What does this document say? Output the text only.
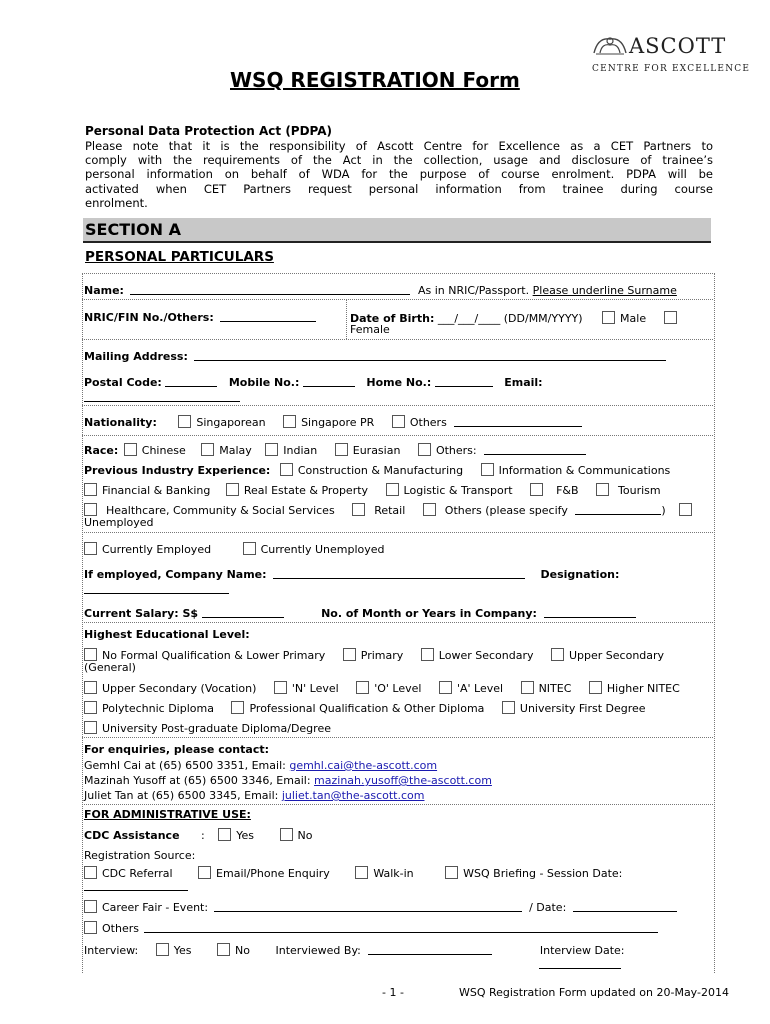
ASCOTT
CENTRE FOR EXCELLENCE
WSQ REGISTRATION Form
Personal Data Protection Act (PDPA)
Please note that it is the responsibility of Ascott Centre for Excellence as a CET Partners to
comply with the requirements of the Act in the collection, usage and disclosure of trainee’s
personal information on behalf of WDA for the purpose of course enrolment. PDPA will be
activated when CET Partners request personal information from trainee during course
enrolment.
SECTION A
PERSONAL PARTICULARS
Name:	As in NRIC/Passport. Please underline Surname
NRIC/FIN No./Others:	Date of Birth: ___/___/____ (DD/MM/YYYY)	Male
Female
Mailing Address:
Postal Code:	Mobile No.:	Home No.:	Email:
Nationality:	Singaporean	Singapore PR	Others
Race: Chinese	Malay	Indian	Eurasian	Others:
Previous Industry Experience:	Construction & Manufacturing	Information & Communications
Financial & Banking	Real Estate & Property	Logistic & Transport	F&B	Tourism
Healthcare, Community & Social Services	Retail	Others (please specify	)
Unemployed
Currently Employed	Currently Unemployed
If employed, Company Name:	Designation:
Current Salary: S$	No. of Month or Years in Company:
Highest Educational Level:
No Formal Qualification & Lower Primary	Primary	Lower Secondary	Upper Secondary
(General)
Upper Secondary (Vocation)	'N' Level	'O' Level	'A' Level	NITEC	Higher NITEC
Polytechnic Diploma	Professional Qualification & Other Diploma	University First Degree
University Post-graduate Diploma/Degree
For enquiries, please contact:
Gemhl Cai at (65) 6500 3351, Email: gemhl.cai@the-ascott.com
Mazinah Yusoff at (65) 6500 3346, Email: mazinah.yusoff@the-ascott.com
Juliet Tan at (65) 6500 3345, Email: juliet.tan@the-ascott.com
FOR ADMINISTRATIVE USE:
CDC Assistance :	Yes	No
Registration Source:
CDC Referral	Email/Phone Enquiry	Walk-in	WSQ Briefing - Session Date:
Career Fair - Event:	/ Date:
Others
Interview:	Yes	No Interviewed By:	Interview Date:
- 1 -	WSQ Registration Form updated on 20-May-2014
